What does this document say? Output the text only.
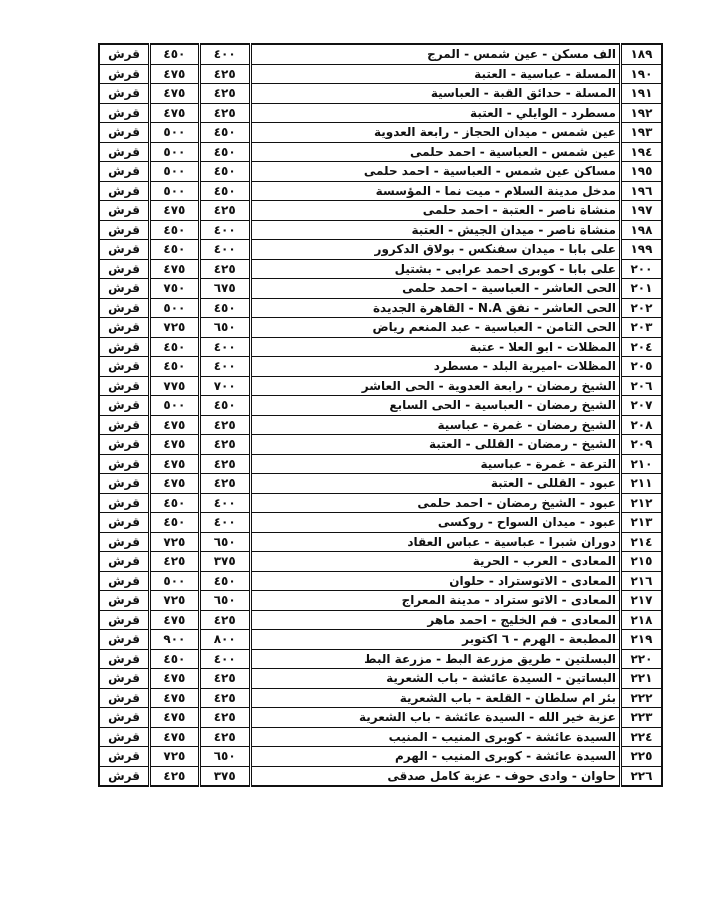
١٨٩	الف مسكن - عين شمس - المرج	٤٠٠	٤٥٠	قرش
١٩٠	المسلة - عباسية - العتبة	٤٢٥	٤٧٥	قرش
١٩١	المسلة - حدائق القبة - العباسية	٤٢٥	٤٧٥	قرش
١٩٢	مسطرد - الوايلي - العتبة	٤٢٥	٤٧٥	قرش
١٩٣	عين شمس - ميدان الحجاز - رابعة العدوية	٤٥٠	٥٠٠	قرش
١٩٤	عين شمس - العباسية - احمد حلمى	٤٥٠	٥٠٠	قرش
١٩٥	مساكن عين شمس - العباسية - احمد حلمى	٤٥٠	٥٠٠	قرش
١٩٦	مدخل مدينة السلام - ميت نما - المؤسسة	٤٥٠	٥٠٠	قرش
١٩٧	منشاة ناصر - العتبة - احمد حلمى	٤٢٥	٤٧٥	قرش
١٩٨	منشاة ناصر - ميدان الجيش - العتبة	٤٠٠	٤٥٠	قرش
١٩٩	على بابا - ميدان سفنكس - بولاق الدكرور	٤٠٠	٤٥٠	قرش
٢٠٠	على بابا - كوبرى احمد عرابى - بشتيل	٤٢٥	٤٧٥	قرش
٢٠١	الحى العاشر - العباسية - احمد حلمى	٦٧٥	٧٥٠	قرش
٢٠٢	الحى العاشر - نفق N.A - القاهرة الجديدة	٤٥٠	٥٠٠	قرش
٢٠٣	الحى التامن - العباسية - عبد المنعم رياض	٦٥٠	٧٢٥	قرش
٢٠٤	المظلات - ابو العلا - عتبة	٤٠٠	٤٥٠	قرش
٢٠٥	المظلات -اميرية البلد - مسطرد	٤٠٠	٤٥٠	قرش
٢٠٦	الشيخ رمضان - رابعة العدوية - الحى العاشر	٧٠٠	٧٧٥	قرش
٢٠٧	الشيخ رمضان - العباسية - الحى السابع	٤٥٠	٥٠٠	قرش
٢٠٨	الشيخ رمضان - غمرة - عباسية	٤٢٥	٤٧٥	قرش
٢٠٩	الشيخ - رمضان - القللى - العتبة	٤٢٥	٤٧٥	قرش
٢١٠	الترعة - غمرة - عباسية	٤٢٥	٤٧٥	قرش
٢١١	عبود - القللى - العتبة	٤٢٥	٤٧٥	قرش
٢١٢	عبود - الشيخ رمضان - احمد حلمى	٤٠٠	٤٥٠	قرش
٢١٣	عبود - ميدان السواح - روكسى	٤٠٠	٤٥٠	قرش
٢١٤	دوران شبرا - عباسية - عباس العقاد	٦٥٠	٧٢٥	قرش
٢١٥	المعادى - العرب - الحرية	٣٧٥	٤٢٥	قرش
٢١٦	المعادى - الاتوستراد - حلوان	٤٥٠	٥٠٠	قرش
٢١٧	المعادى - الاتو ستراد - مدينة المعراج	٦٥٠	٧٢٥	قرش
٢١٨	المعادى - فم الخليج - احمد ماهر	٤٢٥	٤٧٥	قرش
٢١٩	المطبعة - الهرم - ٦ اكتوبر	٨٠٠	٩٠٠	قرش
٢٢٠	البسلتين - طريق مزرعة البط - مزرعة البط	٤٠٠	٤٥٠	قرش
٢٢١	البساتين - السيدة عائشة - باب الشعرية	٤٢٥	٤٧٥	قرش
٢٢٢	بئر ام سلطان - القلعة - باب الشعرية	٤٢٥	٤٧٥	قرش
٢٢٣	عزبة خير الله - السيدة عائشة - باب الشعرية	٤٢٥	٤٧٥	قرش
٢٢٤	السيدة عائشة - كوبرى المنيب - المنيب	٤٢٥	٤٧٥	قرش
٢٢٥	السيدة عائشة - كوبرى المنيب - الهرم	٦٥٠	٧٢٥	قرش
٢٢٦	حاوان - وادى حوف - عزبة كامل صدقى	٣٧٥	٤٢٥	قرش
